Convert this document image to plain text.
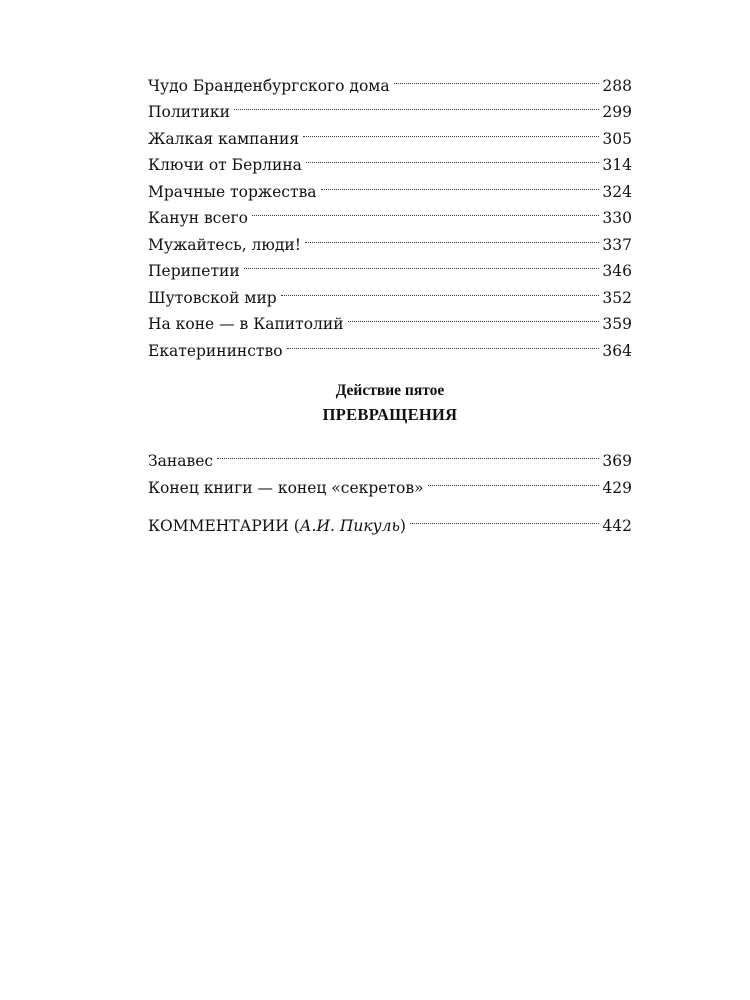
Чудо Бранденбургского дома	288
Политики	299
Жалкая кампания	305
Ключи от Берлина	314
Мрачные торжества	324
Канун всего	330
Мужайтесь, люди!	337
Перипетии	346
Шутовской мир	352
На коне — в Капитолий	359
Екатерининство	364
Действие пятое
ПРЕВРАЩЕНИЯ
Занавес	369
Конец книги — конец «секретов»	429
КОММЕНТАРИИ (А.И. Пикуль)	442
